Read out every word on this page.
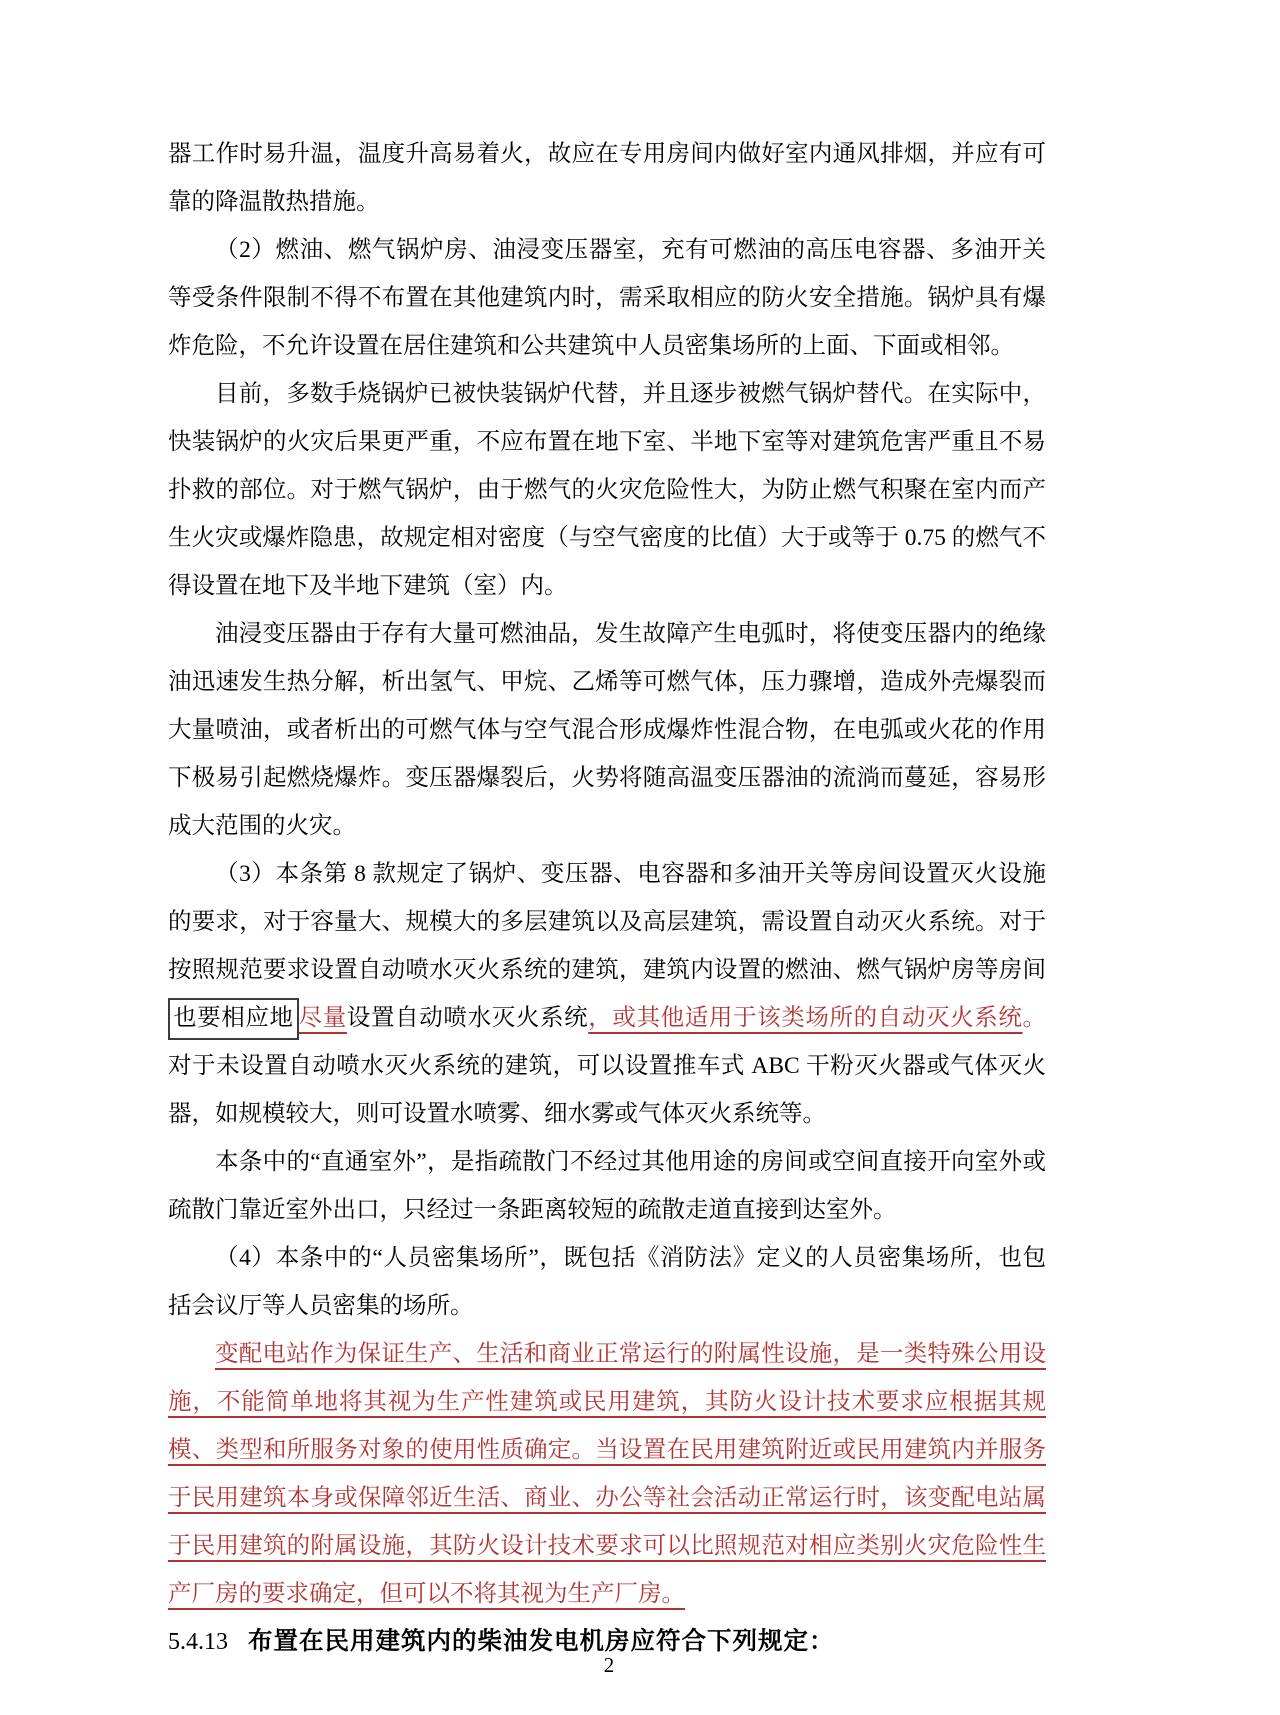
器工作时易升温，温度升高易着火，故应在专用房间内做好室内通风排烟，并应有可靠的降温散热措施。

（2）燃油、燃气锅炉房、油浸变压器室，充有可燃油的高压电容器、多油开关等受条件限制不得不布置在其他建筑内时，需采取相应的防火安全措施。锅炉具有爆炸危险，不允许设置在居住建筑和公共建筑中人员密集场所的上面、下面或相邻。

目前，多数手烧锅炉已被快装锅炉代替，并且逐步被燃气锅炉替代。在实际中，快装锅炉的火灾后果更严重，不应布置在地下室、半地下室等对建筑危害严重且不易扑救的部位。对于燃气锅炉，由于燃气的火灾危险性大，为防止燃气积聚在室内而产生火灾或爆炸隐患，故规定相对密度（与空气密度的比值）大于或等于 0.75 的燃气不得设置在地下及半地下建筑（室）内。

油浸变压器由于存有大量可燃油品，发生故障产生电弧时，将使变压器内的绝缘油迅速发生热分解，析出氢气、甲烷、乙烯等可燃气体，压力骤增，造成外壳爆裂而大量喷油，或者析出的可燃气体与空气混合形成爆炸性混合物，在电弧或火花的作用下极易引起燃烧爆炸。变压器爆裂后，火势将随高温变压器油的流淌而蔓延，容易形成大范围的火灾。

（3）本条第 8 款规定了锅炉、变压器、电容器和多油开关等房间设置灭火设施的要求，对于容量大、规模大的多层建筑以及高层建筑，需设置自动灭火系统。对于按照规范要求设置自动喷水灭火系统的建筑，建筑内设置的燃油、燃气锅炉房等房间也要相应地 尽量设置自动喷水灭火系统，或其他适用于该类场所的自动灭火系统。对于未设置自动喷水灭火系统的建筑，可以设置推车式 ABC 干粉灭火器或气体灭火器，如规模较大，则可设置水喷雾、细水雾或气体灭火系统等。

本条中的“直通室外”，是指疏散门不经过其他用途的房间或空间直接开向室外或疏散门靠近室外出口，只经过一条距离较短的疏散走道直接到达室外。

（4）本条中的“人员密集场所”，既包括《消防法》定义的人员密集场所，也包括会议厅等人员密集的场所。

变配电站作为保证生产、生活和商业正常运行的附属性设施，是一类特殊公用设施，不能简单地将其视为生产性建筑或民用建筑，其防火设计技术要求应根据其规模、类型和所服务对象的使用性质确定。当设置在民用建筑附近或民用建筑内并服务于民用建筑本身或保障邻近生活、商业、办公等社会活动正常运行时，该变配电站属于民用建筑的附属设施，其防火设计技术要求可以比照规范对相应类别火灾危险性生产厂房的要求确定，但可以不将其视为生产厂房。

5.4.13 布置在民用建筑内的柴油发电机房应符合下列规定：

2
